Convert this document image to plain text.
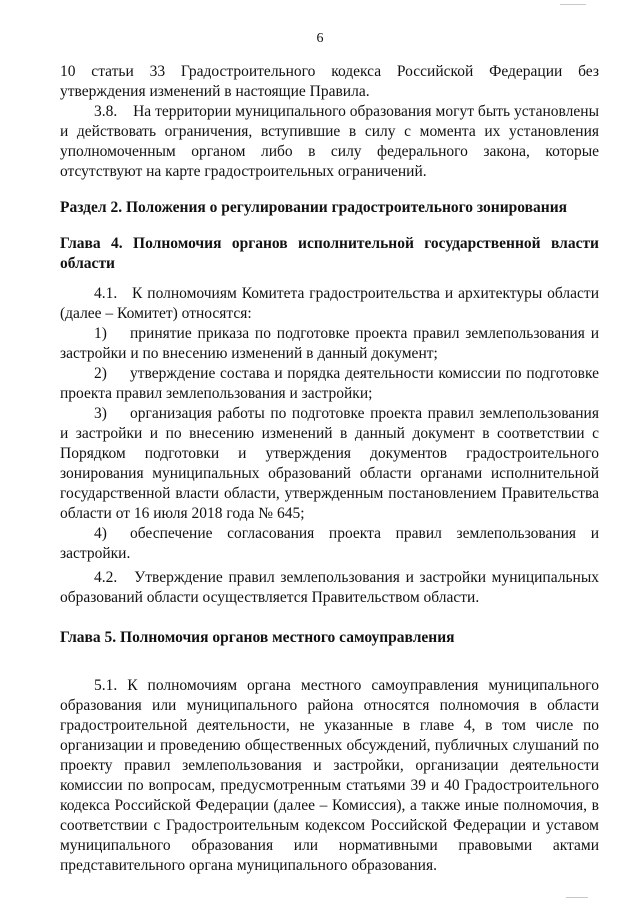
6

10 статьи 33 Градостроительного кодекса Российской Федерации без утверждения изменений в настоящие Правила.

3.8.    На территории муниципального образования могут быть установлены и действовать ограничения, вступившие в силу с момента их установления уполномоченным органом либо в силу федерального закона, которые отсутствуют на карте градостроительных ограничений.

Раздел 2. Положения о регулировании градостроительного зонирования

Глава 4. Полномочия органов исполнительной государственной власти области

4.1.   К полномочиям Комитета градостроительства и архитектуры области (далее – Комитет) относятся:

1) принятие приказа по подготовке проекта правил землепользования и застройки и по внесению изменений в данный документ;
2) утверждение состава и порядка деятельности комиссии по подготовке проекта правил землепользования и застройки;
3) организация работы по подготовке проекта правил землепользования и застройки и по внесению изменений в данный документ в соответствии с Порядком подготовки и утверждения документов градостроительного зонирования муниципальных образований области органами исполнительной государственной власти области, утвержденным постановлением Правительства области от 16 июля 2018 года № 645;
4) обеспечение согласования проекта правил землепользования и застройки.

4.2.   Утверждение правил землепользования и застройки муниципальных образований области осуществляется Правительством области.

Глава 5. Полномочия органов местного самоуправления

5.1. К полномочиям органа местного самоуправления муниципального образования или муниципального района относятся полномочия в области градостроительной деятельности, не указанные в главе 4, в том числе по организации и проведению общественных обсуждений, публичных слушаний по проекту правил землепользования и застройки, организации деятельности комиссии по вопросам, предусмотренным статьями 39 и 40 Градостроительного кодекса Российской Федерации (далее – Комиссия), а также иные полномочия, в соответствии с Градостроительным кодексом Российской Федерации и уставом муниципального образования или нормативными правовыми актами представительного органа муниципального образования.
